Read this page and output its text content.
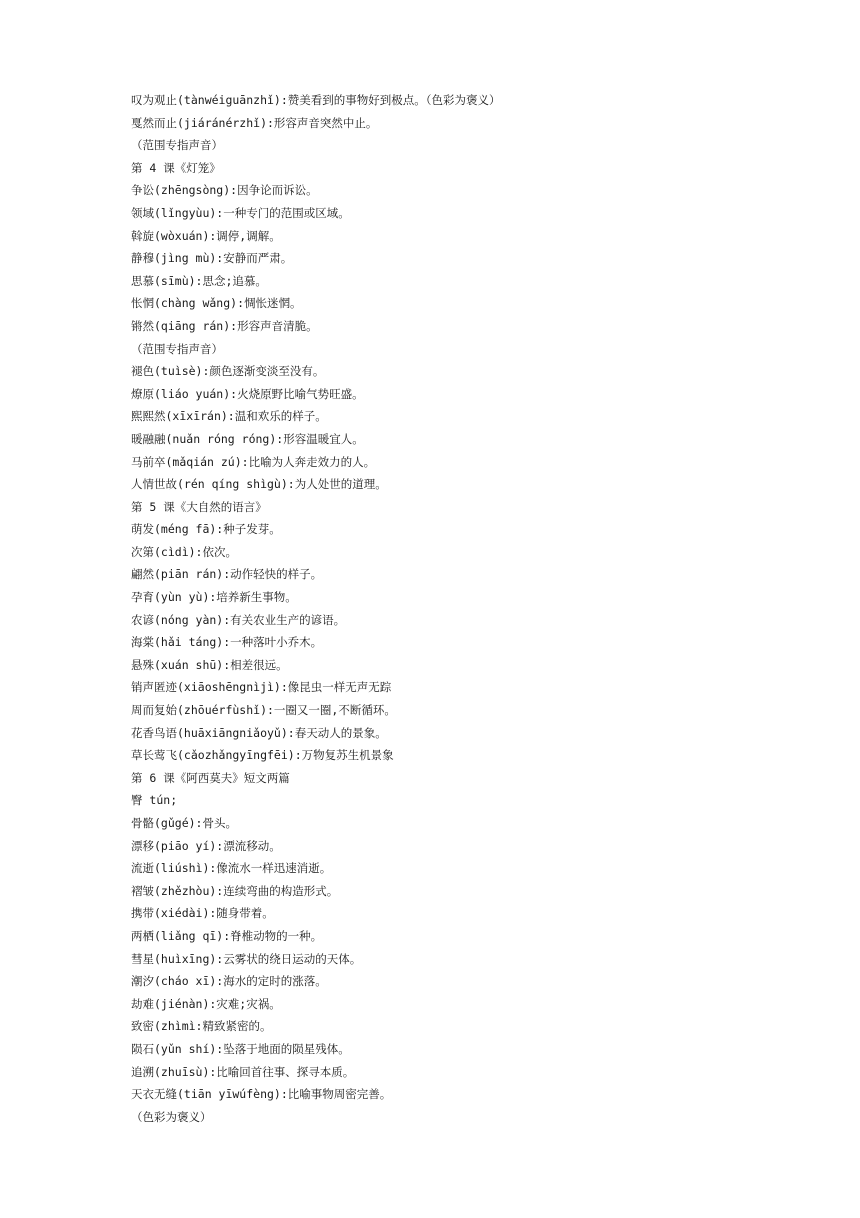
叹为观止(tànwéiguānzhǐ):赞美看到的事物好到极点。（色彩为褒义）
戛然而止(jiáránérzhǐ):形容声音突然中止。
（范围专指声音）
第 4 课《灯笼》
争讼(zhēngsòng):因争论而诉讼。
领域(lǐngyùu):一种专门的范围或区域。
斡旋(wòxuán):调停,调解。
静穆(jìng mù):安静而严肃。
思慕(sīmù):思念;追慕。
怅惘(chàng wǎng):惆怅迷惘。
锵然(qiāng rán):形容声音清脆。
（范围专指声音）
褪色(tuìsè):颜色逐渐变淡至没有。
燎原(liáo yuán):火烧原野比喻气势旺盛。
熙熙然(xīxīrán):温和欢乐的样子。
暖融融(nuǎn róng róng):形容温暖宜人。
马前卒(mǎqián zú):比喻为人奔走效力的人。
人情世故(rén qíng shìgù):为人处世的道理。
第 5 课《大自然的语言》
萌发(méng fā):种子发芽。
次第(cìdì):依次。
翩然(piān rán):动作轻快的样子。
孕育(yùn yù):培养新生事物。
农谚(nóng yàn):有关农业生产的谚语。
海棠(hǎi táng):一种落叶小乔木。
悬殊(xuán shū):相差很远。
销声匿迹(xiāoshēngnìjì):像昆虫一样无声无踪
周而复始(zhōuérfùshǐ):一圈又一圈,不断循环。
花香鸟语(huāxiāngniǎoyǔ):春天动人的景象。
草长莺飞(cǎozhǎngyīngfēi):万物复苏生机景象
第 6 课《阿西莫夫》短文两篇
臀 tún;
骨骼(gǔgé):骨头。
漂移(piāo yí):漂流移动。
流逝(liúshì):像流水一样迅速消逝。
褶皱(zhězhòu):连续弯曲的构造形式。
携带(xiédài):随身带着。
两栖(liǎng qī):脊椎动物的一种。
彗星(huìxīng):云雾状的绕日运动的天体。
潮汐(cháo xī):海水的定时的涨落。
劫难(jiénàn):灾难;灾祸。
致密(zhìmì:精致紧密的。
陨石(yǔn shí):坠落于地面的陨星残体。
追溯(zhuīsù):比喻回首往事、探寻本质。
天衣无缝(tiān yīwúfèng):比喻事物周密完善。
（色彩为褒义）
